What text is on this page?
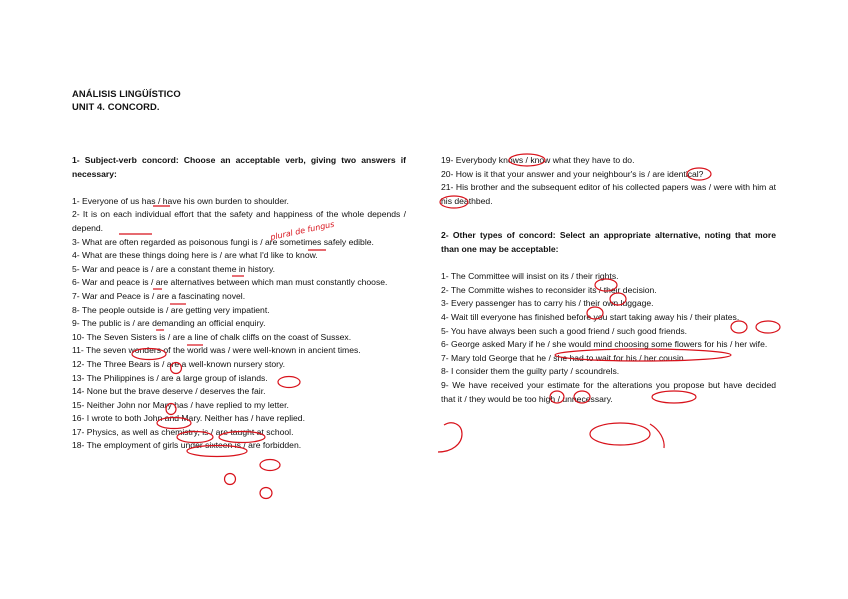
ANÁLISIS LINGÜÍSTICO
UNIT 4. CONCORD.

1- Subject-verb concord: Choose an acceptable verb, giving two answers if necessary:

1- Everyone of us has / have his own burden to shoulder.

2- It is on each individual effort that the safety and happiness of the whole depends / depend.

3- What are often regarded as poisonous fungi is / are sometimes safely edible.

4- What are these things doing here is / are what I'd like to know.

5- War and peace is / are a constant theme in history.

6- War and peace is / are alternatives between which man must constantly choose.

7- War and Peace is / are a fascinating novel.

8- The people outside is / are getting very impatient.

9- The public is / are demanding an official enquiry.

10- The Seven Sisters is / are a line of chalk cliffs on the coast of Sussex.

11- The seven wonders of the world was / were well-known in ancient times.

12- The Three Bears is / are a well-known nursery story.

13- The Philippines is / are a large group of islands.

14- None but the brave deserve / deserves the fair.

15- Neither John nor Mary has / have replied to my letter.

16- I wrote to both John and Mary. Neither has / have replied.

17- Physics, as well as chemistry, is / are taught at school.

18- The employment of girls under sixteen is / are forbidden.

19- Everybody knows / know what they have to do.

20- How is it that your answer and your neighbour's is / are identical?

21- His brother and the subsequent editor of his collected papers was / were with him at his deathbed.

2- Other types of concord: Select an appropriate alternative, noting that more than one may be acceptable:

1- The Committee will insist on its / their rights.

2- The Committe wishes to reconsider its / their decision.

3- Every passenger has to carry his / their own luggage.

4- Wait till everyone has finished before you start taking away his / their plates.

5- You have always been such a good friend / such good friends.

6- George asked Mary if he / she would mind choosing some flowers for his / her wife.

7- Mary told George that he / she had to wait for his / her cousin.

8- I consider them the guilty party / scoundrels.

9- We have received your estimate for the alterations you propose but have decided that it / they would be too high / unnecessary.

plural de fungus
